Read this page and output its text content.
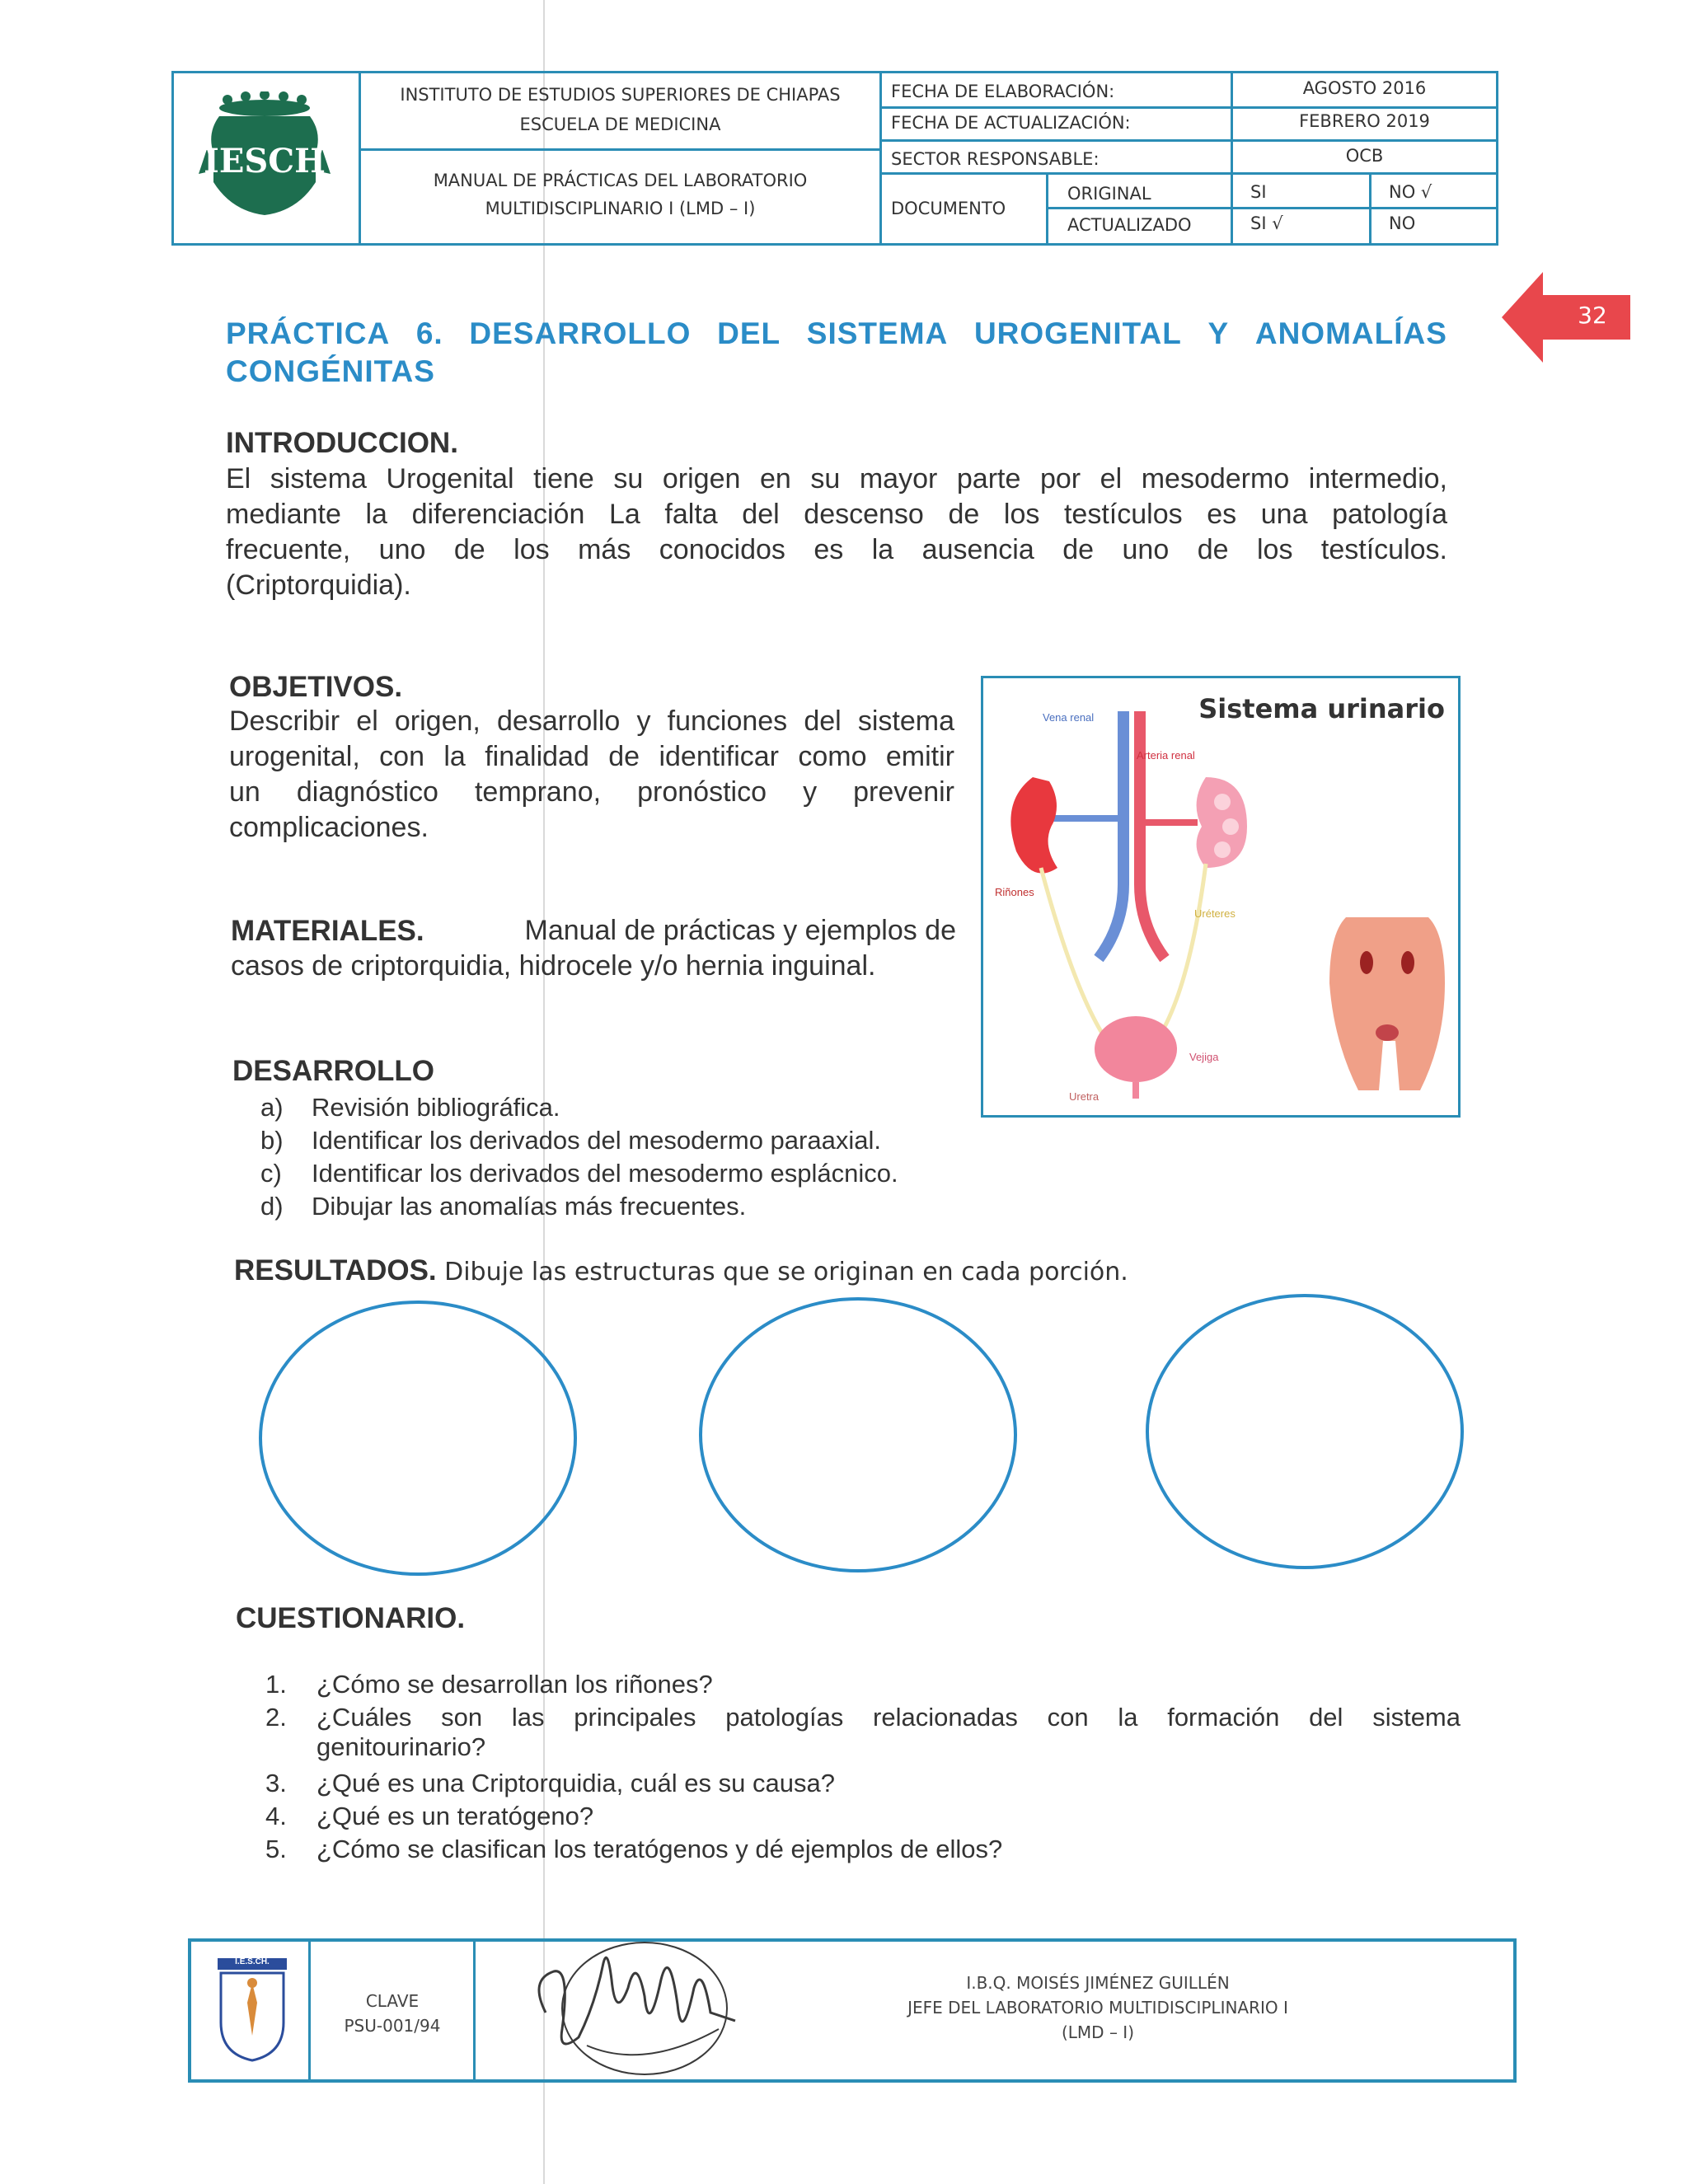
IESCH
INSTITUTO DE ESTUDIOS SUPERIORES DE CHIAPAS
ESCUELA DE MEDICINA
MANUAL DE PRÁCTICAS DEL LABORATORIO
MULTIDISCIPLINARIO I (LMD – I)
FECHA DE ELABORACIÓN:	AGOSTO 2016
FECHA DE ACTUALIZACIÓN:	FEBRERO 2019
SECTOR RESPONSABLE:	OCB
DOCUMENTO
ORIGINAL	SI	NO √
ACTUALIZADO	SI √	NO
32
PRÁCTICA 6. DESARROLLO DEL SISTEMA UROGENITAL Y ANOMALÍAS
CONGÉNITAS
INTRODUCCION.
El sistema Urogenital tiene su origen en su mayor parte por el mesodermo intermedio,
mediante la diferenciación La falta del descenso de los testículos es una patología
frecuente, uno de los más conocidos es la ausencia de uno de los testículos.
(Criptorquidia).
OBJETIVOS.
Describir el origen, desarrollo y funciones del sistema
urogenital, con la finalidad de identificar como emitir
un diagnóstico temprano, pronóstico y prevenir
complicaciones.
MATERIALES.	Manual de prácticas y ejemplos de
casos de criptorquidia, hidrocele y/o hernia inguinal.
Sistema urinario
Vena renal
Arteria renal
Riñones
Uréteres
Vejiga
Uretra
DESARROLLO
a) Revisión bibliográfica.
b) Identificar los derivados del mesodermo paraaxial.
c) Identificar los derivados del mesodermo esplácnico.
d) Dibujar las anomalías más frecuentes.
RESULTADOS. Dibuje las estructuras que se originan en cada porción.
CUESTIONARIO.
1. ¿Cómo se desarrollan los riñones?
2.	¿Cuáles son las principales patologías relacionadas con la formación del sistema
genitourinario?
3. ¿Qué es una Criptorquidia, cuál es su causa?
4. ¿Qué es un teratógeno?
5. ¿Cómo se clasifican los teratógenos y dé ejemplos de ellos?
I.E.S.CH.
CLAVE
PSU-001/94
I.B.Q. MOISÉS JIMÉNEZ GUILLÉN
JEFE DEL LABORATORIO MULTIDISCIPLINARIO I
(LMD – I)
